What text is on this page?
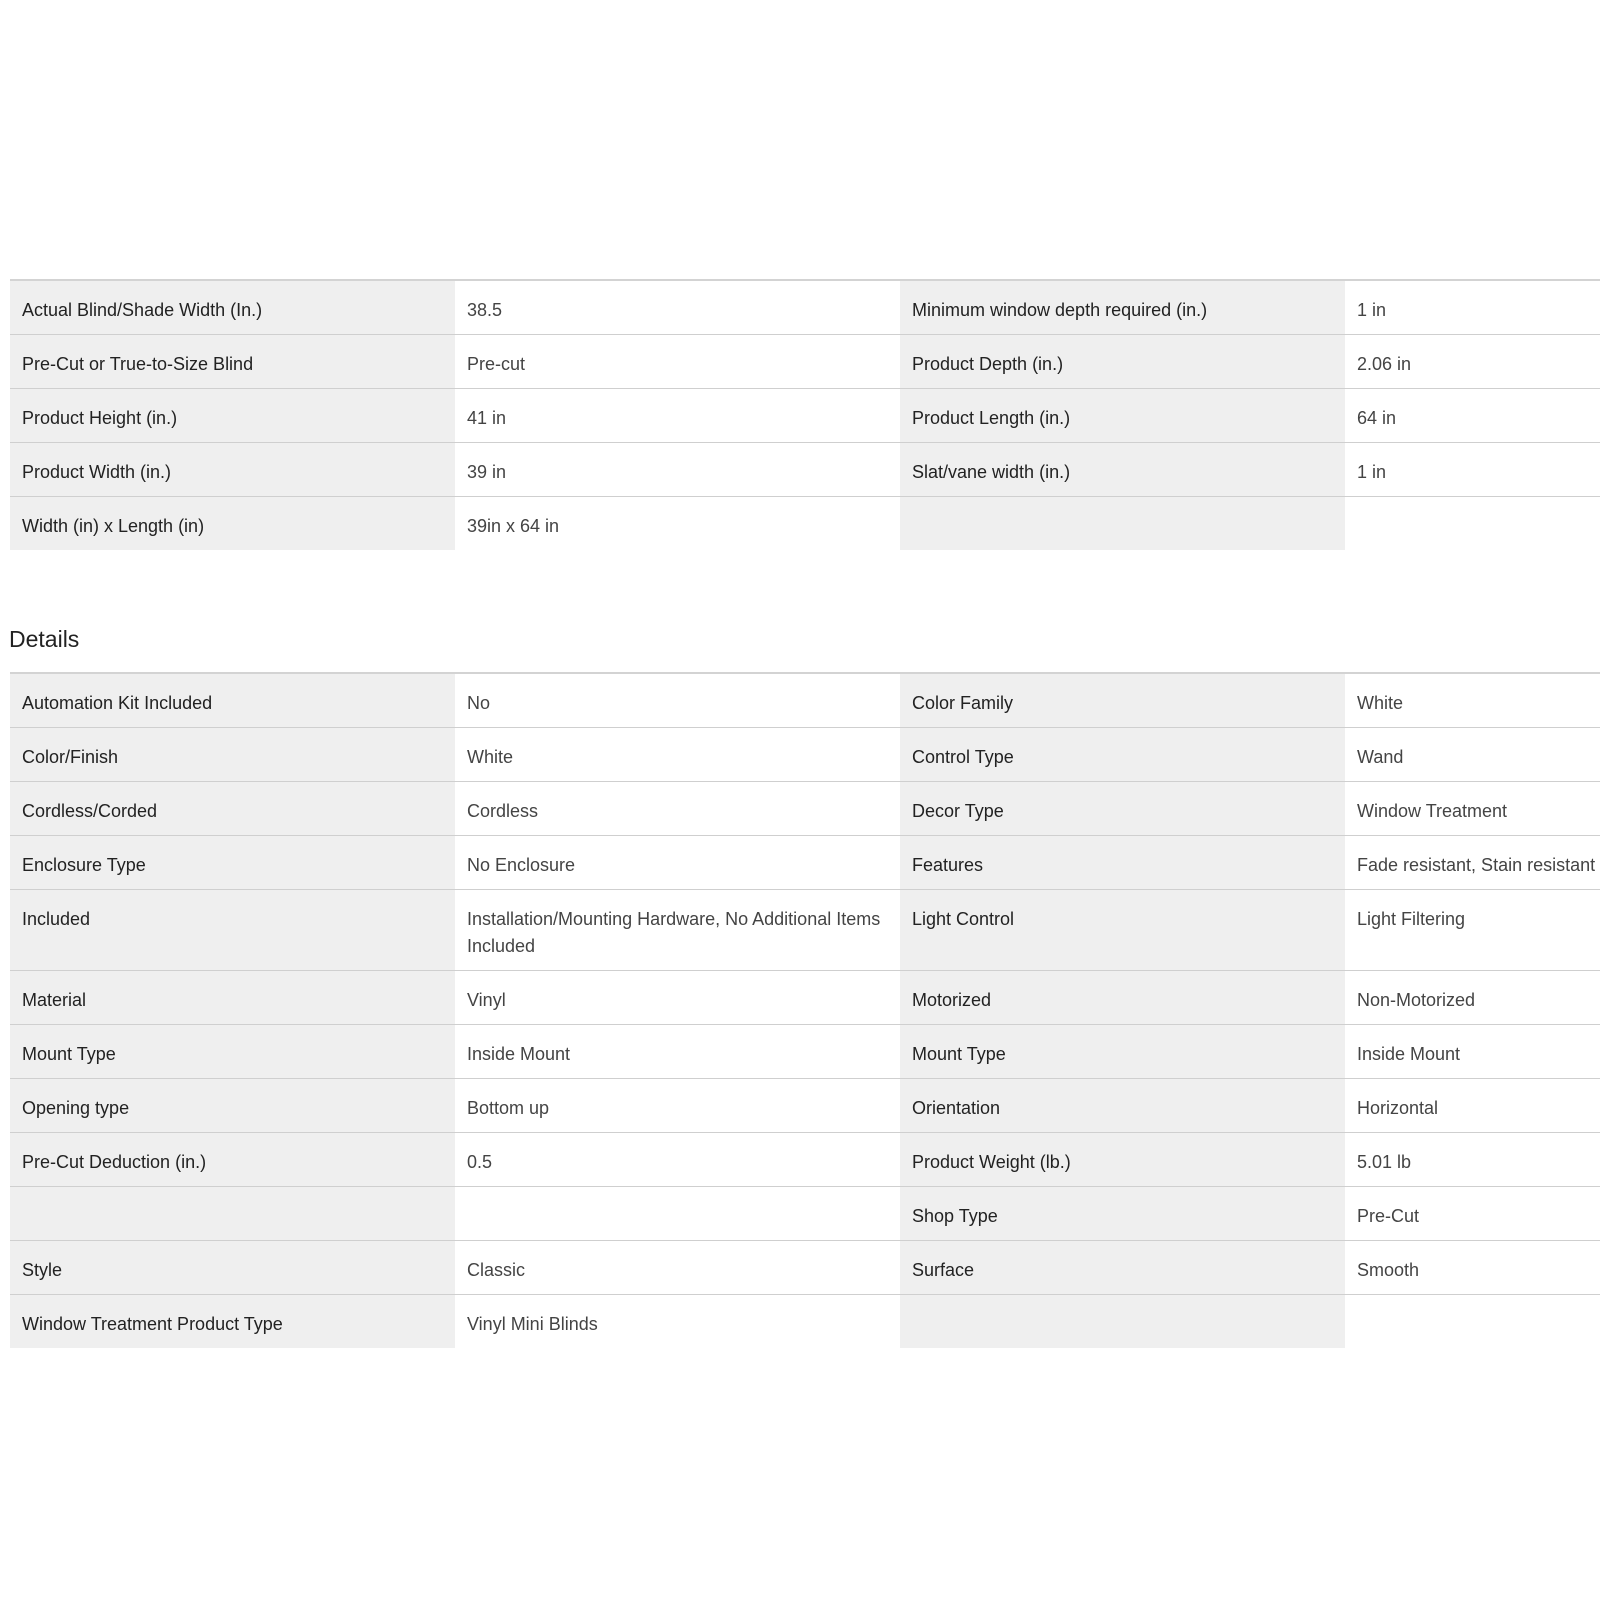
Actual Blind/Shade Width (In.)	38.5	Minimum window depth required (in.)	1 in
Pre-Cut or True-to-Size Blind	Pre-cut	Product Depth (in.)	2.06 in
Product Height (in.)	41 in	Product Length (in.)	64 in
Product Width (in.)	39 in	Slat/vane width (in.)	1 in
Width (in) x Length (in)	39in x 64 in		
Details
Automation Kit Included	No	Color Family	White
Color/Finish	White	Control Type	Wand
Cordless/Corded	Cordless	Decor Type	Window Treatment
Enclosure Type	No Enclosure	Features	Fade resistant, Stain resistant
Included	Installation/Mounting Hardware, No Additional Items Included	Light Control	Light Filtering
Material	Vinyl	Motorized	Non-Motorized
Mount Type	Inside Mount	Mount Type	Inside Mount
Opening type	Bottom up	Orientation	Horizontal
Pre-Cut Deduction (in.)	0.5	Product Weight (lb.)	5.01 lb
		Shop Type	Pre-Cut
Style	Classic	Surface	Smooth
Window Treatment Product Type	Vinyl Mini Blinds		
